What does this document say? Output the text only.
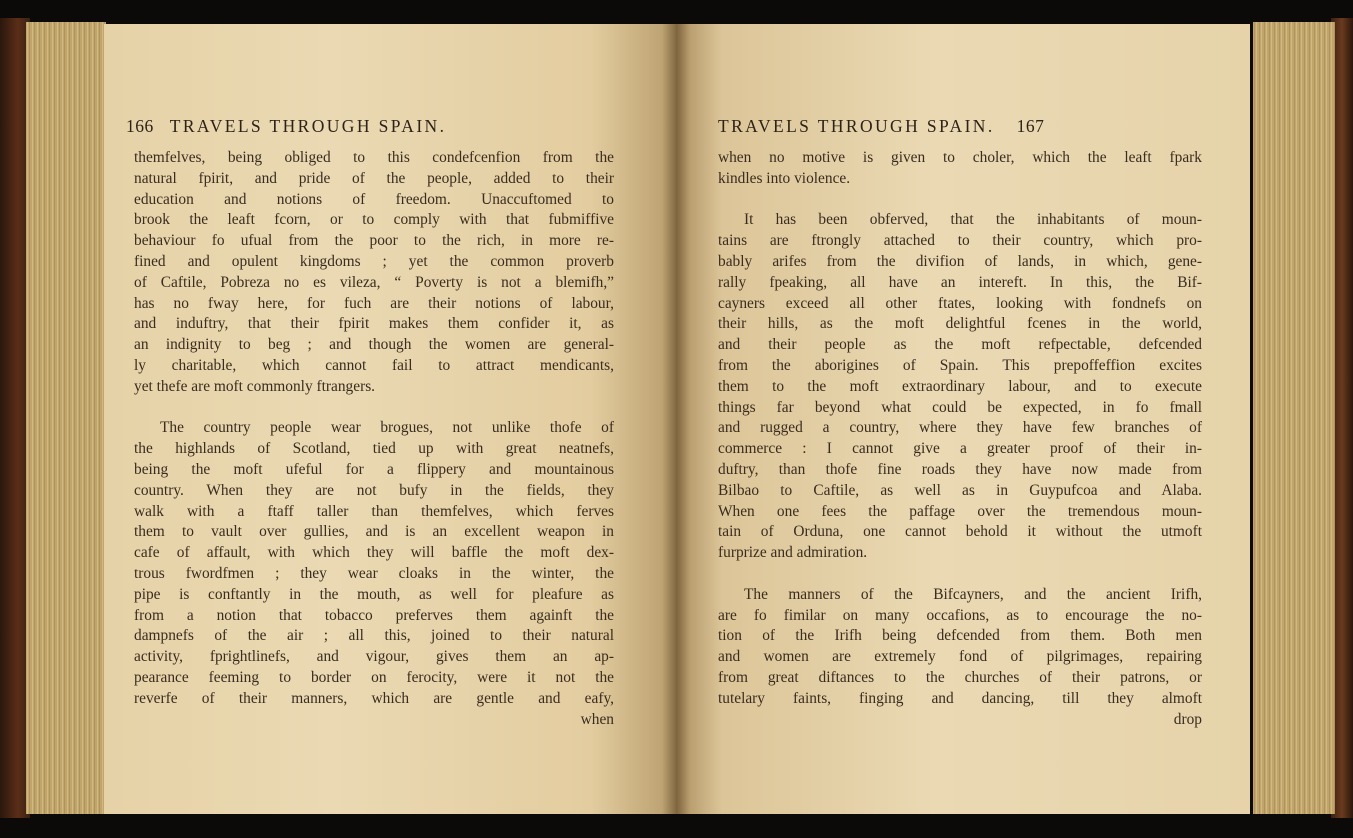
166 TRAVELS THROUGH SPAIN.
themfelves, being obliged to this condefcenfion from the
natural fpirit, and pride of the people, added to their
education and notions of freedom. Unaccuftomed to
brook the leaft fcorn, or to comply with that fubmiffive
behaviour fo ufual from the poor to the rich, in more re-
fined and opulent kingdoms ; yet the common proverb
of Caftile, Pobreza no es vileza, “ Poverty is not a blemifh,”
has no fway here, for fuch are their notions of labour,
and induftry, that their fpirit makes them confider it, as
an indignity to beg ; and though the women are general-
ly charitable, which cannot fail to attract mendicants,
yet thefe are moft commonly ftrangers.
The country people wear brogues, not unlike thofe of
the highlands of Scotland, tied up with great neatnefs,
being the moft ufeful for a flippery and mountainous
country. When they are not bufy in the fields, they
walk with a ftaff taller than themfelves, which ferves
them to vault over gullies, and is an excellent weapon in
cafe of affault, with which they will baffle the moft dex-
trous fwordfmen ; they wear cloaks in the winter, the
pipe is conftantly in the mouth, as well for pleafure as
from a notion that tobacco preferves them againft the
dampnefs of the air ; all this, joined to their natural
activity, fprightlinefs, and vigour, gives them an ap-
pearance feeming to border on ferocity, were it not the
reverfe of their manners, which are gentle and eafy,
when
TRAVELS THROUGH SPAIN. 167
when no motive is given to choler, which the leaft fpark
kindles into violence.
It has been obferved, that the inhabitants of moun-
tains are ftrongly attached to their country, which pro-
bably arifes from the divifion of lands, in which, gene-
rally fpeaking, all have an intereft. In this, the Bif-
cayners exceed all other ftates, looking with fondnefs on
their hills, as the moft delightful fcenes in the world,
and their people as the moft refpectable, defcended
from the aborigines of Spain. This prepoffeffion excites
them to the moft extraordinary labour, and to execute
things far beyond what could be expected, in fo fmall
and rugged a country, where they have few branches of
commerce : I cannot give a greater proof of their in-
duftry, than thofe fine roads they have now made from
Bilbao to Caftile, as well as in Guypufcoa and Alaba.
When one fees the paffage over the tremendous moun-
tain of Orduna, one cannot behold it without the utmoft
furprize and admiration.
The manners of the Bifcayners, and the ancient Irifh,
are fo fimilar on many occafions, as to encourage the no-
tion of the Irifh being defcended from them. Both men
and women are extremely fond of pilgrimages, repairing
from great diftances to the churches of their patrons, or
tutelary faints, finging and dancing, till they almoft
drop
